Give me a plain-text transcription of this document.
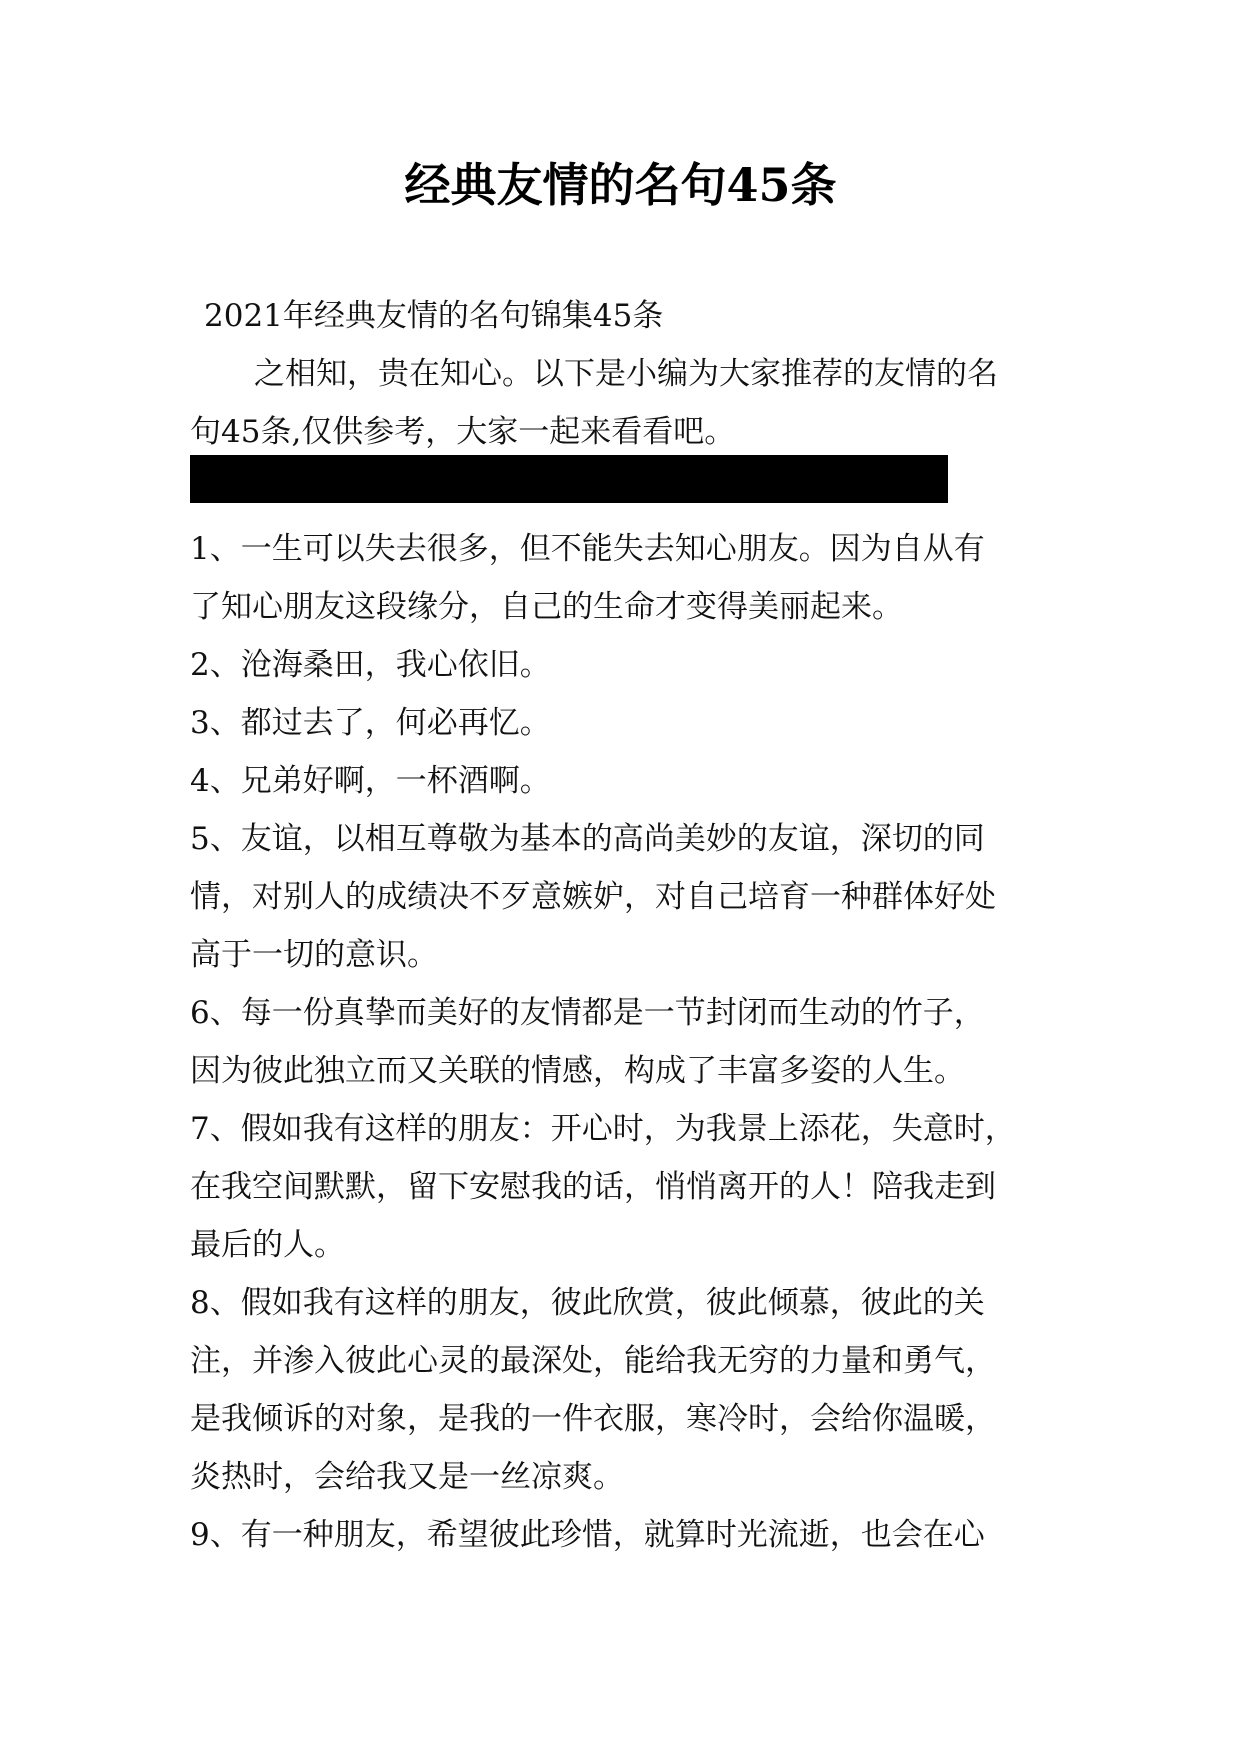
经典友情的名句45条

2021年经典友情的名句锦集45条

之相知，贵在知心。以下是小编为大家推荐的友情的名

句45条,仅供参考，大家一起来看看吧。

1、一生可以失去很多，但不能失去知心朋友。因为自从有

了知心朋友这段缘分，自己的生命才变得美丽起来。

2、沧海桑田，我心依旧。

3、都过去了，何必再忆。

4、兄弟好啊，一杯酒啊。

5、友谊，以相互尊敬为基本的高尚美妙的友谊，深切的同

情，对别人的成绩决不歹意嫉妒，对自己培育一种群体好处

高于一切的意识。

6、每一份真挚而美好的友情都是一节封闭而生动的竹子，

因为彼此独立而又关联的情感，构成了丰富多姿的人生。

7、假如我有这样的朋友：开心时，为我景上添花，失意时，

在我空间默默，留下安慰我的话，悄悄离开的人！陪我走到

最后的人。

8、假如我有这样的朋友，彼此欣赏，彼此倾慕，彼此的关

注，并渗入彼此心灵的最深处，能给我无穷的力量和勇气，

是我倾诉的对象，是我的一件衣服，寒冷时，会给你温暖，

炎热时，会给我又是一丝凉爽。

9、有一种朋友，希望彼此珍惜，就算时光流逝，也会在心
